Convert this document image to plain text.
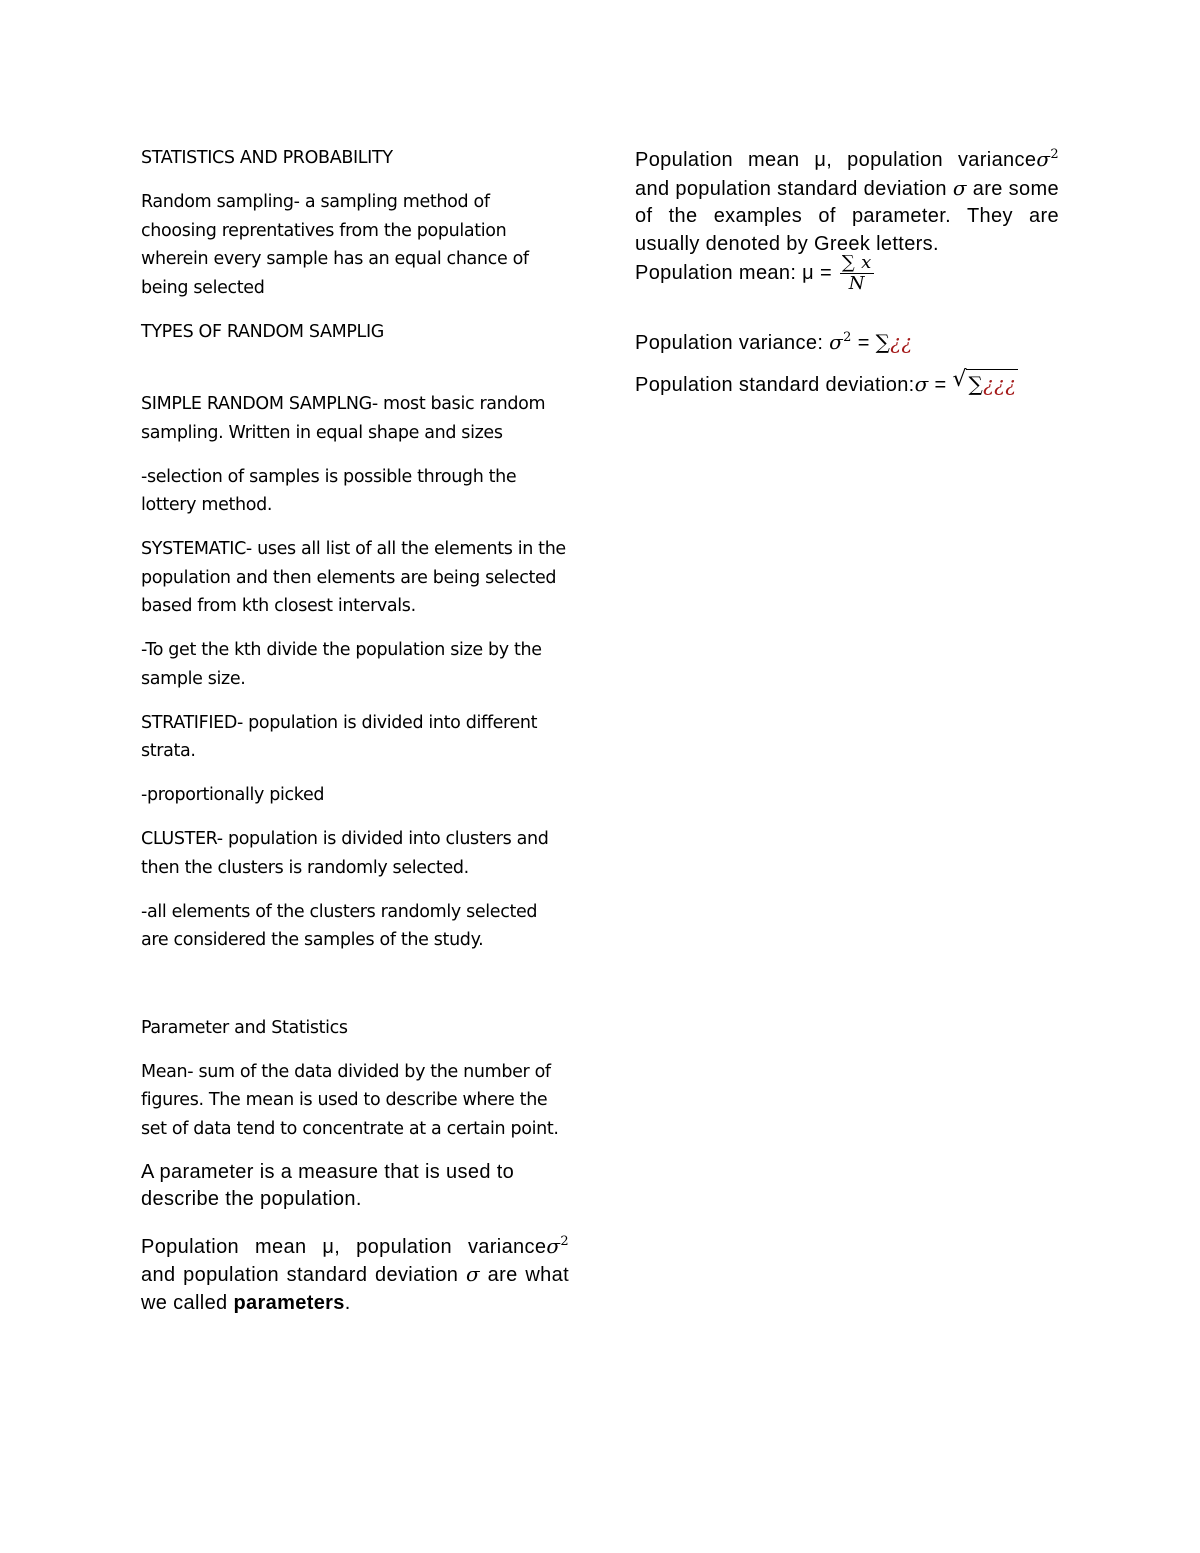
STATISTICS AND PROBABILITY

Random sampling- a sampling method of choosing reprentatives from the population wherein every sample has an equal chance of being selected

TYPES OF RANDOM SAMPLIG

SIMPLE RANDOM SAMPLNG- most basic random sampling. Written in equal shape and sizes

-selection of samples is possible through the lottery method.

SYSTEMATIC- uses all list of all the elements in the population and then elements are being selected based from kth closest intervals.

-To get the kth divide the population size by the sample size.

STRATIFIED- population is divided into different strata.

-proportionally picked

CLUSTER- population is divided into clusters and then the clusters is randomly selected.

-all elements of the clusters randomly selected are considered the samples of the study.

Parameter and Statistics

Mean- sum of the data divided by the number of figures. The mean is used to describe where the set of data tend to concentrate at a certain point.

A parameter is a measure that is used to describe the population.

Population mean μ, population varianceσ$^2$ and population standard deviation σ are what we called parameters.

Population mean μ, population varianceσ$^2$ and population standard deviation σ are some of the examples of parameter. They are usually denoted by Greek letters.

Population mean: $\mu = \frac{\sum x}{N}$
Population variance: $\sigma^2$ = ∑¿¿
Population standard deviation:σ = √ ∑¿¿¿
